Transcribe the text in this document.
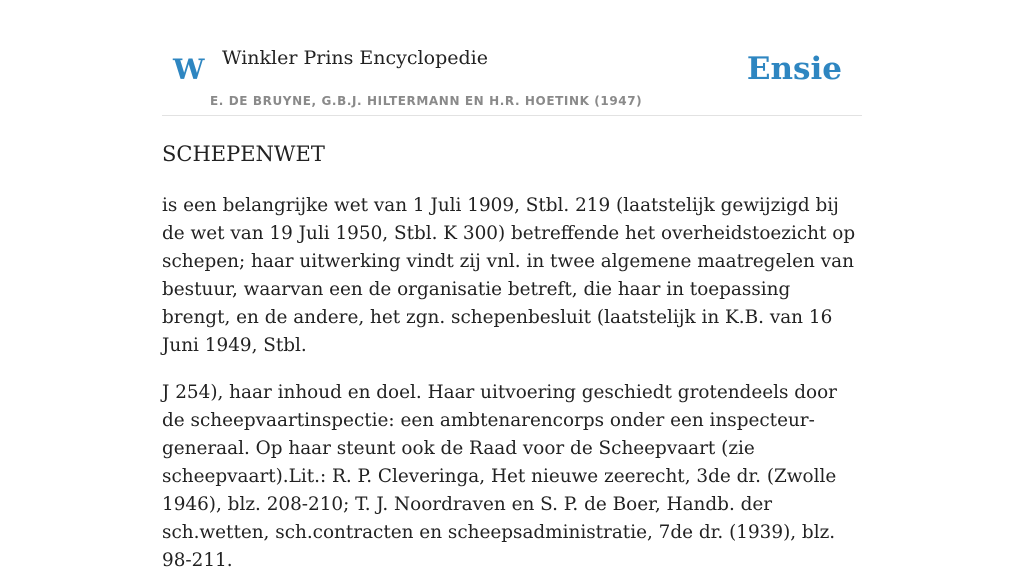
W Winkler Prins Encyclopedie
E. DE BRUYNE, G.B.J. HILTERMANN EN H.R. HOETINK (1947)
Ensie
SCHEPENWET

is een belangrijke wet van 1 Juli 1909, Stbl. 219 (laatstelijk gewijzigd bij de wet van 19 Juli 1950, Stbl. K 300) betreffende het overheidstoezicht op schepen; haar uitwerking vindt zij vnl. in twee algemene maatregelen van bestuur, waarvan een de organisatie betreft, die haar in toepassing brengt, en de andere, het zgn. schepenbesluit (laatstelijk in K.B. van 16 Juni 1949, Stbl.

J 254), haar inhoud en doel. Haar uitvoering geschiedt grotendeels door de scheepvaartinspectie: een ambtenarencorps onder een inspecteur-generaal. Op haar steunt ook de Raad voor de Scheepvaart (zie scheepvaart).Lit.: R. P. Cleveringa, Het nieuwe zeerecht, 3de dr. (Zwolle 1946), blz. 208-210; T. J. Noordraven en S. P. de Boer, Handb. der sch.wetten, sch.contracten en scheepsadministratie, 7de dr. (1939), blz. 98-211.
